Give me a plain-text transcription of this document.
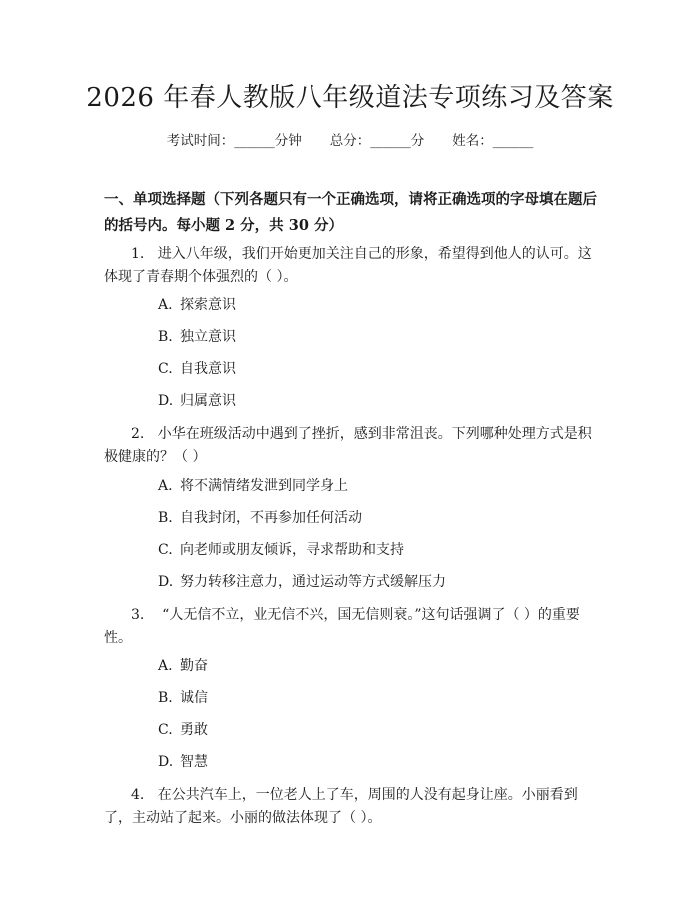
2026 年春人教版八年级道法专项练习及答案
考试时间：______分钟 总分：______分 姓名：______
一、单项选择题（下列各题只有一个正确选项，请将正确选项的字母填在题后的括号内。每小题 2 分，共 30 分）
1. 进入八年级，我们开始更加关注自己的形象，希望得到他人的认可。这体现了青春期个体强烈的（ ）。
A. 探索意识
B. 独立意识
C. 自我意识
D. 归属意识
2. 小华在班级活动中遇到了挫折，感到非常沮丧。下列哪种处理方式是积极健康的？（ ）
A. 将不满情绪发泄到同学身上
B. 自我封闭，不再参加任何活动
C. 向老师或朋友倾诉，寻求帮助和支持
D. 努力转移注意力，通过运动等方式缓解压力
3. “人无信不立，业无信不兴，国无信则衰。”这句话强调了（ ）的重要性。
A. 勤奋
B. 诚信
C. 勇敢
D. 智慧
4. 在公共汽车上，一位老人上了车，周围的人没有起身让座。小丽看到了，主动站了起来。小丽的做法体现了（ ）。
